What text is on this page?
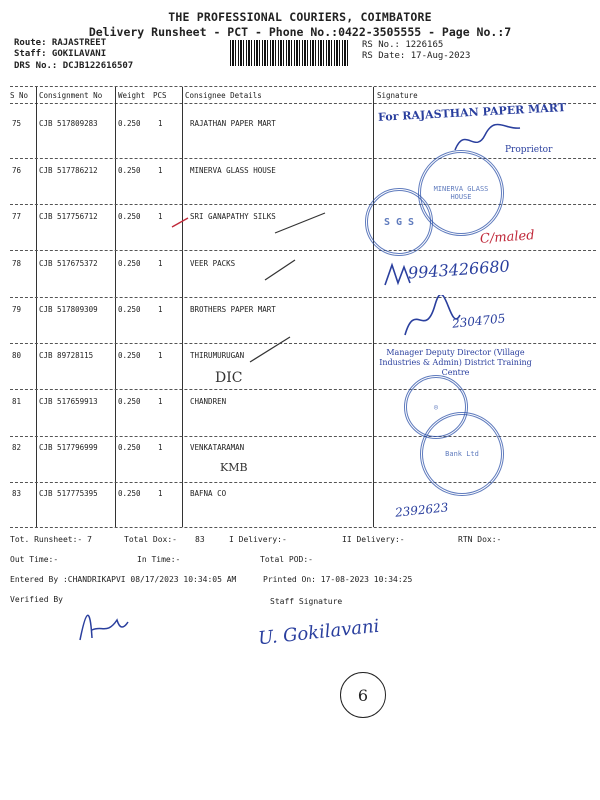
THE PROFESSIONAL COURIERS, COIMBATORE
Delivery Runsheet - PCT - Phone No.:0422-3505555 - Page No.:7
Route: RAJASTREET
Staff: GOKILAVANI
DRS No.: DCJB122616507
RS No.: 1226165
RS Date: 17-Aug-2023
S No Consignment No Weight PCS Consignee Details	Signature
75 CJB 517809283	0.250 1	RAJATHAN PAPER MART
76 CJB 517786212	0.250 1	MINERVA GLASS HOUSE
77 CJB 517756712	0.250 1	SRI GANAPATHY SILKS
78 CJB 517675372	0.250 1	VEER PACKS
79 CJB 517809309	0.250 1	BROTHERS PAPER MART
80 CJB 89728115	0.250 1	THIRUMURUGAN
81 CJB 517659913	0.250 1	CHANDREN
82 CJB 517796999	0.250 1	VENKATARAMAN
83 CJB 517775395	0.250 1	BAFNA CO
For RAJASTHAN PAPER MART
Proprietor
MINERVA GLASS HOUSE
S G S
C/maled
9943426680
2304705
Manager Deputy Director (Village Industries & Admin) District Training Centre
DIC
◎
Bank Ltd
KMB
2392623
Tot. Runsheet:- 7	Total Dox:- 83	I Delivery:-	II Delivery:-	RTN Dox:-
Out Time:-	In Time:-	Total POD:-
Entered By :CHANDRIKAPVI 08/17/2023 10:34:05 AM	Printed On: 17-08-2023 10:34:25
Verified By	Staff Signature
U. Gokilavani
6
